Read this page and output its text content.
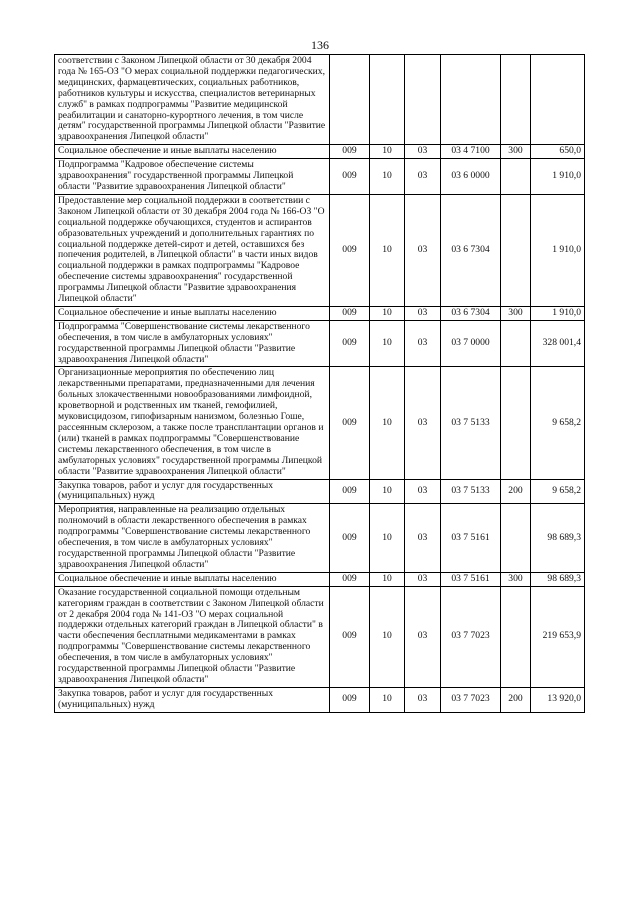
136
соответствии с Законом Липецкой области от 30 декабря 2004 года № 165-ОЗ "О мерах социальной поддержки педагогических, медицинских, фармацевтических, социальных работников, работников культуры и искусства, специалистов ветеринарных служб" в рамках подпрограммы "Развитие медицинской реабилитации и санаторно-курортного лечения, в том числе детям" государственной программы Липецкой области "Развитие здравоохранения Липецкой области"						
Социальное обеспечение и иные выплаты населению	009	10	03	03 4 7100	300	650,0
Подпрограмма "Кадровое обеспечение системы здравоохранения" государственной программы Липецкой области "Развитие здравоохранения Липецкой области"	009	10	03	03 6 0000		1 910,0
Предоставление мер социальной поддержки в соответствии с Законом Липецкой области от 30 декабря 2004 года № 166-ОЗ "О социальной поддержке обучающихся, студентов и аспирантов образовательных учреждений и дополнительных гарантиях по социальной поддержке детей-сирот и детей, оставшихся без попечения родителей, в Липецкой области" в части иных видов социальной поддержки в рамках подпрограммы "Кадровое обеспечение системы здравоохранения" государственной программы Липецкой области "Развитие здравоохранения Липецкой области"	009	10	03	03 6 7304		1 910,0
Социальное обеспечение и иные выплаты населению	009	10	03	03 6 7304	300	1 910,0
Подпрограмма "Совершенствование системы лекарственного обеспечения, в том числе в амбулаторных условиях" государственной программы Липецкой области "Развитие здравоохранения Липецкой области"	009	10	03	03 7 0000		328 001,4
Организационные мероприятия по обеспечению лиц лекарственными препаратами, предназначенными для лечения больных злокачественными новообразованиями лимфоидной, кроветворной и родственных им тканей, гемофилией, муковисцидозом, гипофизарным нанизмом, болезнью Гоше, рассеянным склерозом, а также после трансплантации органов и (или) тканей в рамках подпрограммы "Совершенствование системы лекарственного обеспечения, в том числе в амбулаторных условиях" государственной программы Липецкой области "Развитие здравоохранения Липецкой области"	009	10	03	03 7 5133		9 658,2
Закупка товаров, работ и услуг для государственных (муниципальных) нужд	009	10	03	03 7 5133	200	9 658,2
Мероприятия, направленные на реализацию отдельных полномочий в области лекарственного обеспечения в рамках подпрограммы "Совершенствование системы лекарственного обеспечения, в том числе в амбулаторных условиях" государственной программы Липецкой области "Развитие здравоохранения Липецкой области"	009	10	03	03 7 5161		98 689,3
Социальное обеспечение и иные выплаты населению	009	10	03	03 7 5161	300	98 689,3
Оказание государственной социальной помощи отдельным категориям граждан в соответствии с Законом Липецкой области от 2 декабря 2004 года № 141-ОЗ "О мерах социальной поддержки отдельных категорий граждан в Липецкой области" в части обеспечения бесплатными медикаментами в рамках подпрограммы "Совершенствование системы лекарственного обеспечения, в том числе в амбулаторных условиях" государственной программы Липецкой области "Развитие здравоохранения Липецкой области"	009	10	03	03 7 7023		219 653,9
Закупка товаров, работ и услуг для государственных (муниципальных) нужд	009	10	03	03 7 7023	200	13 920,0
